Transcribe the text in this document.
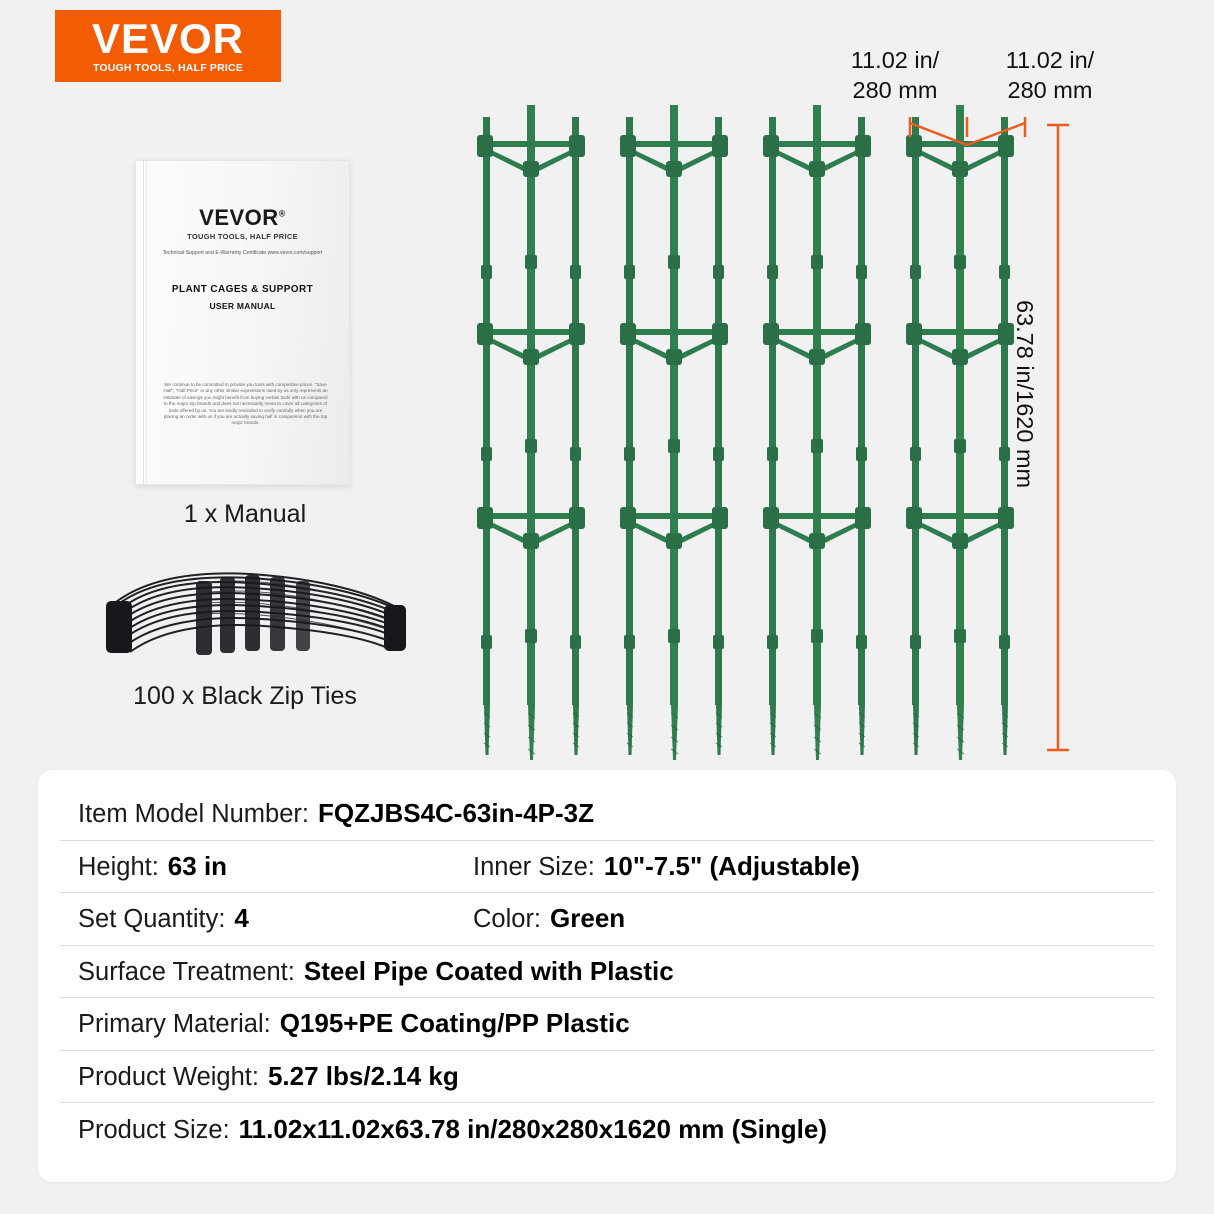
VEVOR
TOUGH TOOLS, HALF PRICE
VEVOR®
TOUGH TOOLS, HALF PRICE
Technical Support and E-Warranty Certificate www.vevor.com/support
PLANT CAGES & SUPPORT
USER MANUAL
We continue to be committed to provide you tools with competitive prices. "Save Half", "Half Price" or any other similar expressions used by us only represents an estimate of savings you might benefit from buying certain tools with us compared to the major top brands and does not necessarily mean to cover all categories of tools offered by us. You are kindly reminded to verify carefully when you are placing an order with us if you are actually saving half in comparison with the top major brands.
1 x Manual
100 x Black Zip Ties
11.02 in/
280 mm
11.02 in/
280 mm
63.78 in/1620 mm
Item Model Number: FQZJBS4C-63in-4P-3Z
Height: 63 in	Inner Size: 10"-7.5" (Adjustable)
Set Quantity: 4	Color: Green
Surface Treatment: Steel Pipe Coated with Plastic
Primary Material: Q195+PE Coating/PP Plastic
Product Weight: 5.27 lbs/2.14 kg
Product Size: 11.02x11.02x63.78 in/280x280x1620 mm (Single)
